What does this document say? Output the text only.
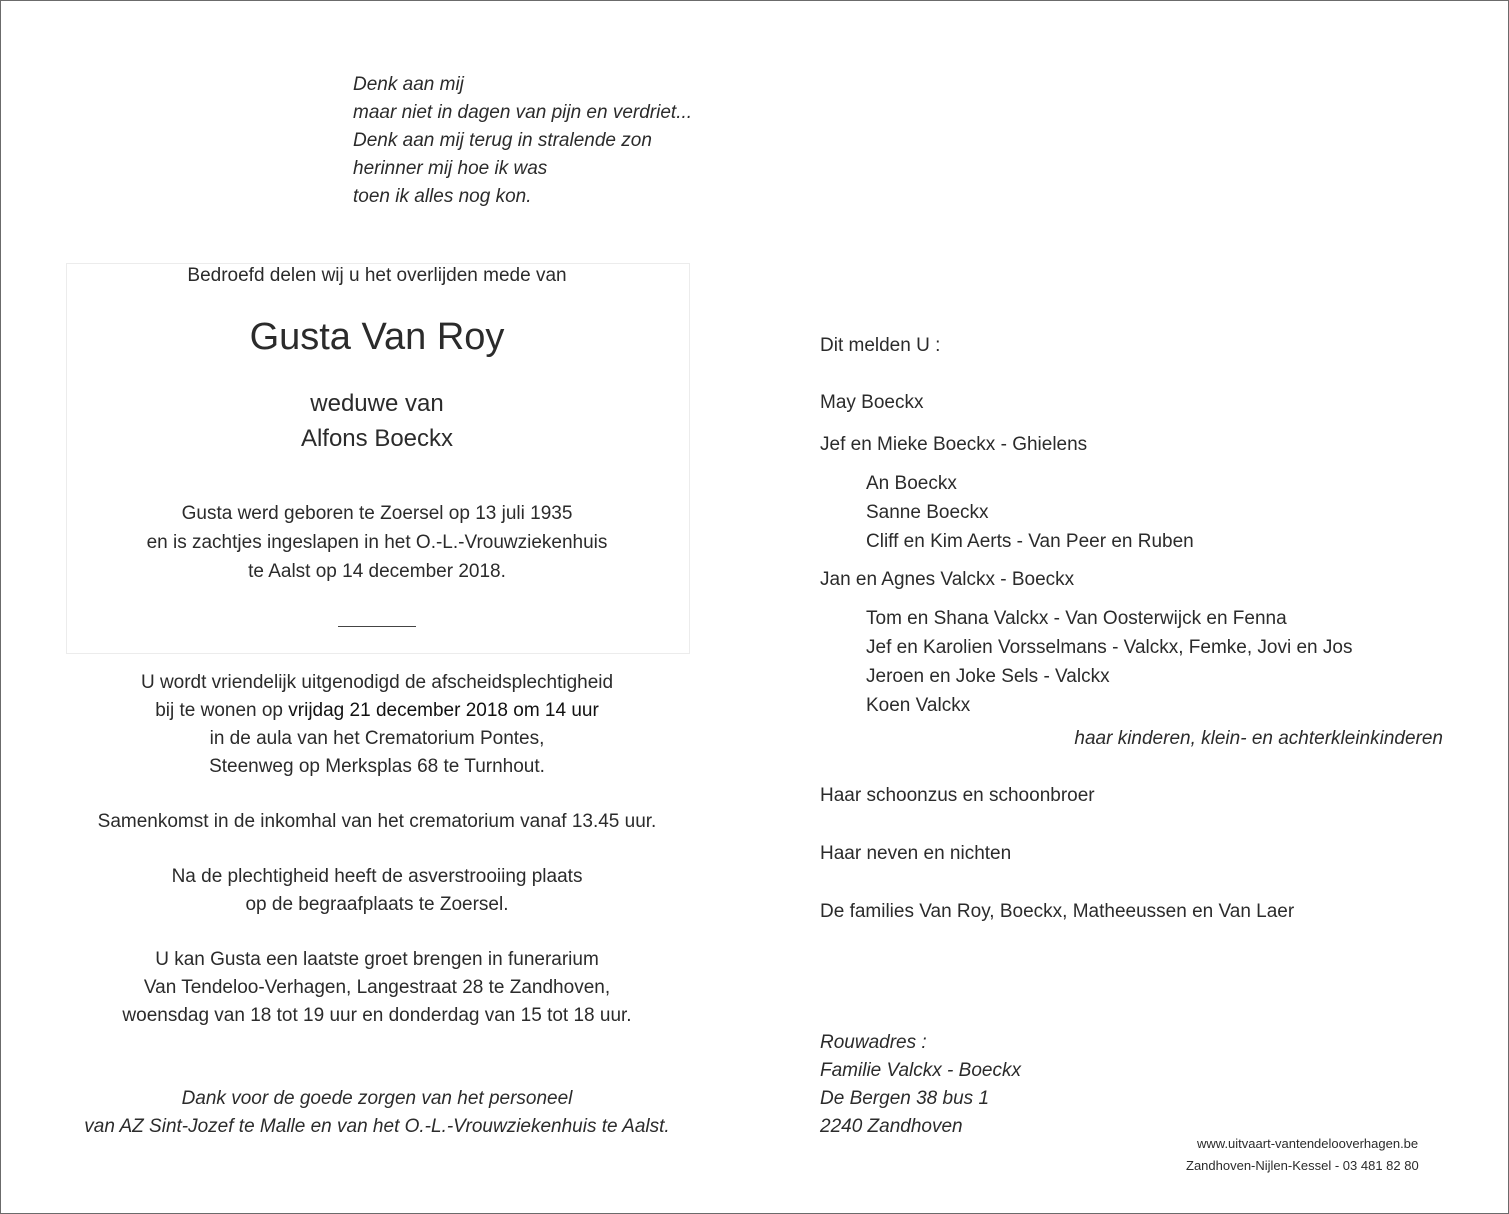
Denk aan mij
maar niet in dagen van pijn en verdriet...
Denk aan mij terug in stralende zon
herinner mij hoe ik was
toen ik alles nog kon.
Bedroefd delen wij u het overlijden mede van
Gusta Van Roy
weduwe van
Alfons Boeckx
Gusta werd geboren te Zoersel op 13 juli 1935
en is zachtjes ingeslapen in het O.-L.-Vrouwziekenhuis
te Aalst op 14 december 2018.
U wordt vriendelijk uitgenodigd de afscheidsplechtigheid
bij te wonen op vrijdag 21 december 2018 om 14 uur
in de aula van het Crematorium Pontes,
Steenweg op Merksplas 68 te Turnhout.
Samenkomst in de inkomhal van het crematorium vanaf 13.45 uur.
Na de plechtigheid heeft de asverstrooiing plaats
op de begraafplaats te Zoersel.
U kan Gusta een laatste groet brengen in funerarium
Van Tendeloo-Verhagen, Langestraat 28 te Zandhoven,
woensdag van 18 tot 19 uur en donderdag van 15 tot 18 uur.
Dank voor de goede zorgen van het personeel
van AZ Sint-Jozef te Malle en van het O.-L.-Vrouwziekenhuis te Aalst.
Dit melden U :
May Boeckx
Jef en Mieke Boeckx - Ghielens
An Boeckx
Sanne Boeckx
Cliff en Kim Aerts - Van Peer en Ruben
Jan en Agnes Valckx - Boeckx
Tom en Shana Valckx - Van Oosterwijck en Fenna
Jef en Karolien Vorsselmans - Valckx, Femke, Jovi en Jos
Jeroen en Joke Sels - Valckx
Koen Valckx
haar kinderen, klein- en achterkleinkinderen
Haar schoonzus en schoonbroer
Haar neven en nichten
De families Van Roy, Boeckx, Matheeussen en Van Laer
Rouwadres :
Familie Valckx - Boeckx
De Bergen 38 bus 1
2240 Zandhoven
www.uitvaart-vantendelooverhagen.be
Zandhoven-Nijlen-Kessel - 03 481 82 80
